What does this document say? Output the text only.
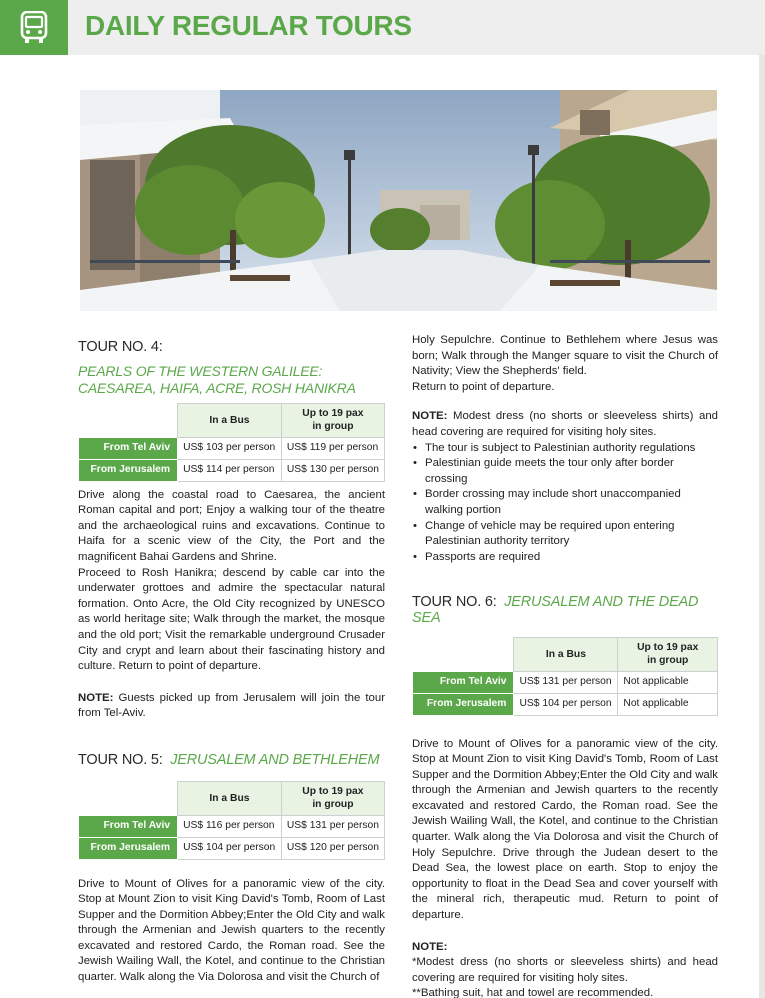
DAILY REGULAR TOURS
TOUR NO. 4:
PEARLS OF THE WESTERN GALILEE:
CAESAREA, HAIFA, ACRE, ROSH HANIKRA
	In a Bus	Up to 19 pax
in group
From Tel Aviv	US$ 103 per person	US$ 119 per person
From Jerusalem	US$ 114 per person	US$ 130 per person

Drive along the coastal road to Caesarea, the ancient Roman capital and port; Enjoy a walking tour of the theatre and the archaeological ruins and excavations. Continue to Haifa for a scenic view of the City, the Port and the magnificent Bahai Gardens and Shrine.

Proceed to Rosh Hanikra; descend by cable car into the underwater grottoes and admire the spectacular natural formation. Onto Acre, the Old City recognized by UNESCO as world heritage site; Walk through the market, the mosque and the old port; Visit the remarkable underground Crusader City and crypt and learn about their fascinating history and culture. Return to point of departure.

NOTE: Guests picked up from Jerusalem will join the tour from Tel-Aviv.

TOUR NO. 5: JERUSALEM AND BETHLEHEM
	In a Bus	Up to 19 pax
in group
From Tel Aviv	US$ 116 per person	US$ 131 per person
From Jerusalem	US$ 104 per person	US$ 120 per person

Drive to Mount of Olives for a panoramic view of the city. Stop at Mount Zion to visit King David's Tomb, Room of Last Supper and the Dormition Abbey;Enter the Old City and walk through the Armenian and Jewish quarters to the recently excavated and restored Cardo, the Roman road. See the Jewish Wailing Wall, the Kotel, and continue to the Christian quarter. Walk along the Via Dolorosa and visit the Church of

Holy Sepulchre. Continue to Bethlehem where Jesus was born; Walk through the Manger square to visit the Church of Nativity; View the Shepherds' field.

Return to point of departure.

NOTE: Modest dress (no shorts or sleeveless shirts) and head covering are required for visiting holy sites.

• The tour is subject to Palestinian authority regulations
• Palestinian guide meets the tour only after border crossing
• Border crossing may include short unaccompanied walking portion
• Change of vehicle may be required upon entering Palestinian authority territory
• Passports are required
TOUR NO. 6: JERUSALEM AND THE DEAD SEA
	In a Bus	Up to 19 pax
in group
From Tel Aviv	US$ 131 per person	Not applicable
From Jerusalem	US$ 104 per person	Not applicable

Drive to Mount of Olives for a panoramic view of the city. Stop at Mount Zion to visit King David's Tomb, Room of Last Supper and the Dormition Abbey;Enter the Old City and walk through the Armenian and Jewish quarters to the recently excavated and restored Cardo, the Roman road. See the Jewish Wailing Wall, the Kotel, and continue to the Christian quarter. Walk along the Via Dolorosa and visit the Church of Holy Sepulchre. Drive through the Judean desert to the Dead Sea, the lowest place on earth. Stop to enjoy the opportunity to float in the Dead Sea and cover yourself with the mineral rich, therapeutic mud. Return to point of departure.

NOTE:

*Modest dress (no shorts or sleeveless shirts) and head covering are required for visiting holy sites.

**Bathing suit, hat and towel are recommended.
